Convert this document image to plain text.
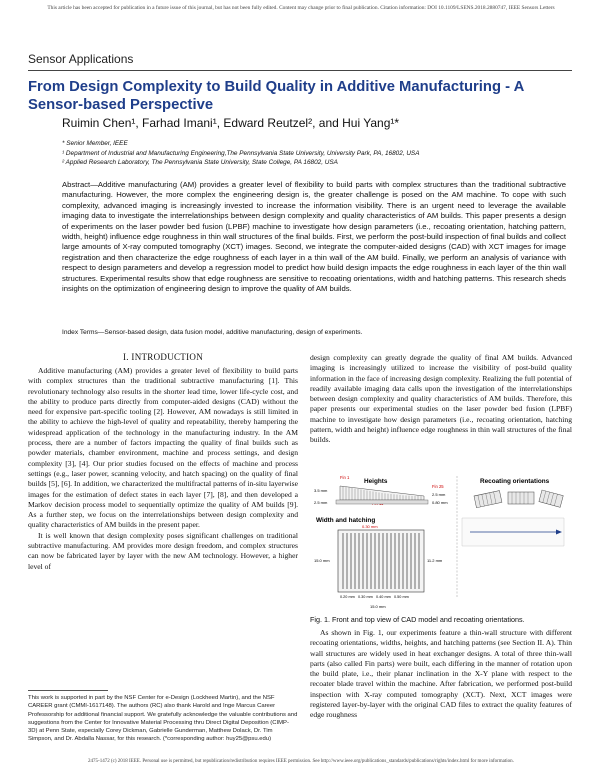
This article has been accepted for publication in a future issue of this journal, but has not been fully edited. Content may change prior to final publication. Citation information: DOI 10.1109/LSENS.2018.2880747, IEEE Sensors Letters
Sensor Applications
From Design Complexity to Build Quality in Additive Manufacturing - A Sensor-based Perspective
Ruimin Chen¹, Farhad Imani¹, Edward Reutzel², and Hui Yang¹*
* Senior Member, IEEE
¹ Department of Industrial and Manufacturing Engineering,The Pennsylvania State University, University Park, PA, 16802, USA
² Applied Research Laboratory, The Pennsylvania State University, State College, PA 16802, USA
Abstract—Additive manufacturing (AM) provides a greater level of flexibility to build parts with complex structures than the traditional subtractive manufacturing. However, the more complex the engineering design is, the greater challenge is posed on the AM machine. To cope with such complexity, advanced imaging is increasingly invested to increase the information visibility. There is an urgent need to leverage the available imaging data to investigate the interrelationships between design complexity and quality characteristics of AM builds. This paper presents a design of experiments on the laser powder bed fusion (LPBF) machine to investigate how design parameters (i.e., recoating orientation, hatching pattern, width, height) influence edge roughness in thin wall structures of the final builds. First, we perform the post-build inspection of final builds and collect large amounts of X-ray computed tomography (XCT) images. Second, we integrate the computer-aided designs (CAD) with XCT images for image registration and then characterize the edge roughness of each layer in a thin wall of the AM build. Finally, we perform an analysis of variance with respect to design parameters and develop a regression model to predict how build design impacts the edge roughness in each layer of the thin wall structures. Experimental results show that edge roughness are sensitive to recoating orientations, width and hatching patterns. This research sheds insights on the optimization of engineering design to improve the quality of AM builds.
Index Terms—Sensor-based design, data fusion model, additive manufacturing, design of experiments.
I. INTRODUCTION

Additive manufacturing (AM) provides a greater level of flexibility to build parts with complex structures than the traditional subtractive manufacturing [1]. This revolutionary technology also results in the shorter lead time, lower life-cycle cost, and the ability to produce parts directly from computer-aided designs (CAD) without the need for expensive part-specific tooling [2]. However, AM nowadays is still limited in the ability to achieve the high-level of quality and repeatability, thereby hampering the widespread application of the technology in the manufacturing industry. In the AM process, there are a number of factors impacting the quality of final builds such as powder materials, chamber environment, machine and process settings, and design complexity [3], [4]. Our prior studies focused on the effects of machine and process settings (e.g., laser power, scanning velocity, and hatch spacing) on the quality of final builds [5], [6]. In addition, we characterized the multifractal patterns of in-situ layerwise images for the estimation of defect states in each layer [7], [8], and then developed a Markov decision process model to sequentially optimize the quality of AM builds [9]. As a further step, we focus on the interrelationships between design complexity and quality characteristics of AM builds in the present paper.

It is well known that design complexity poses significant challenges on traditional subtractive manufacturing. AM provides more design freedom, and complex structures can now be fabricated layer by layer with the new AM technology. However, a higher level of

design complexity can greatly degrade the quality of final AM builds. Advanced imaging is increasingly utilized to increase the visibility of post-build quality information in the face of increasing design complexity. Realizing the full potential of readily available imaging data calls upon the investigation of the interrelationships between design complexity and quality characteristics of AM builds. Therefore, this paper presents our experimental studies on the laser powder bed fusion (LPBF) machine to investigate how design parameters (i.e., recoating orientation, hatching pattern, width and height) influence edge roughness in thin wall structures of the final builds.

Heights
Fin 1
Fin 25
3.5 mm
2.5 mm
2.5 mm
0.80 mm
Recoating orientations
Width and hatching
0.30 mm
15.0 mm	11.2 mm
0.20 mm 0.30 mm 0.40 mm 0.50 mm
15.0 mm
Fig. 1. Front and top view of CAD model and recoating orientations.

As shown in Fig. 1, our experiments feature a thin-wall structure with different recoating orientations, widths, heights, and hatching patterns (see Section II. A). Thin wall structures are widely used in heat exchanger designs. A total of three thin-wall parts (also called Fin parts) were built, each differing in the manner of rotation upon the build plate, i.e., their planar inclination in the X-Y plane with respect to the recoater blade travel within the machine. After fabrication, we performed post-build inspection with X-ray computed tomography (XCT). Next, XCT images were registered layer-by-layer with the original CAD files to extract the quality features of edge roughness

This work is supported in part by the NSF Center for e-Design (Lockheed Martin), and the NSF CAREER grant (CMMI-1617148). The authors (RC) also thank Harold and Inge Marcus Career Professorship for additional financial support. We gratefully acknowledge the valuable contributions and suggestions from the Center for Innovative Material Processing thru Direct Digital Deposition (CIMP-3D) at Penn State, especially Corey Dickman, Gabrielle Gunderman, Matthew Dolack, Dr. Tim Simpson, and Dr. Abdalla Nassar, for this research. (*corresponding author: huy25@psu.edu)
2475-1472 (c) 2018 IEEE. Personal use is permitted, but republication/redistribution requires IEEE permission. See http://www.ieee.org/publications_standards/publications/rights/index.html for more information.
